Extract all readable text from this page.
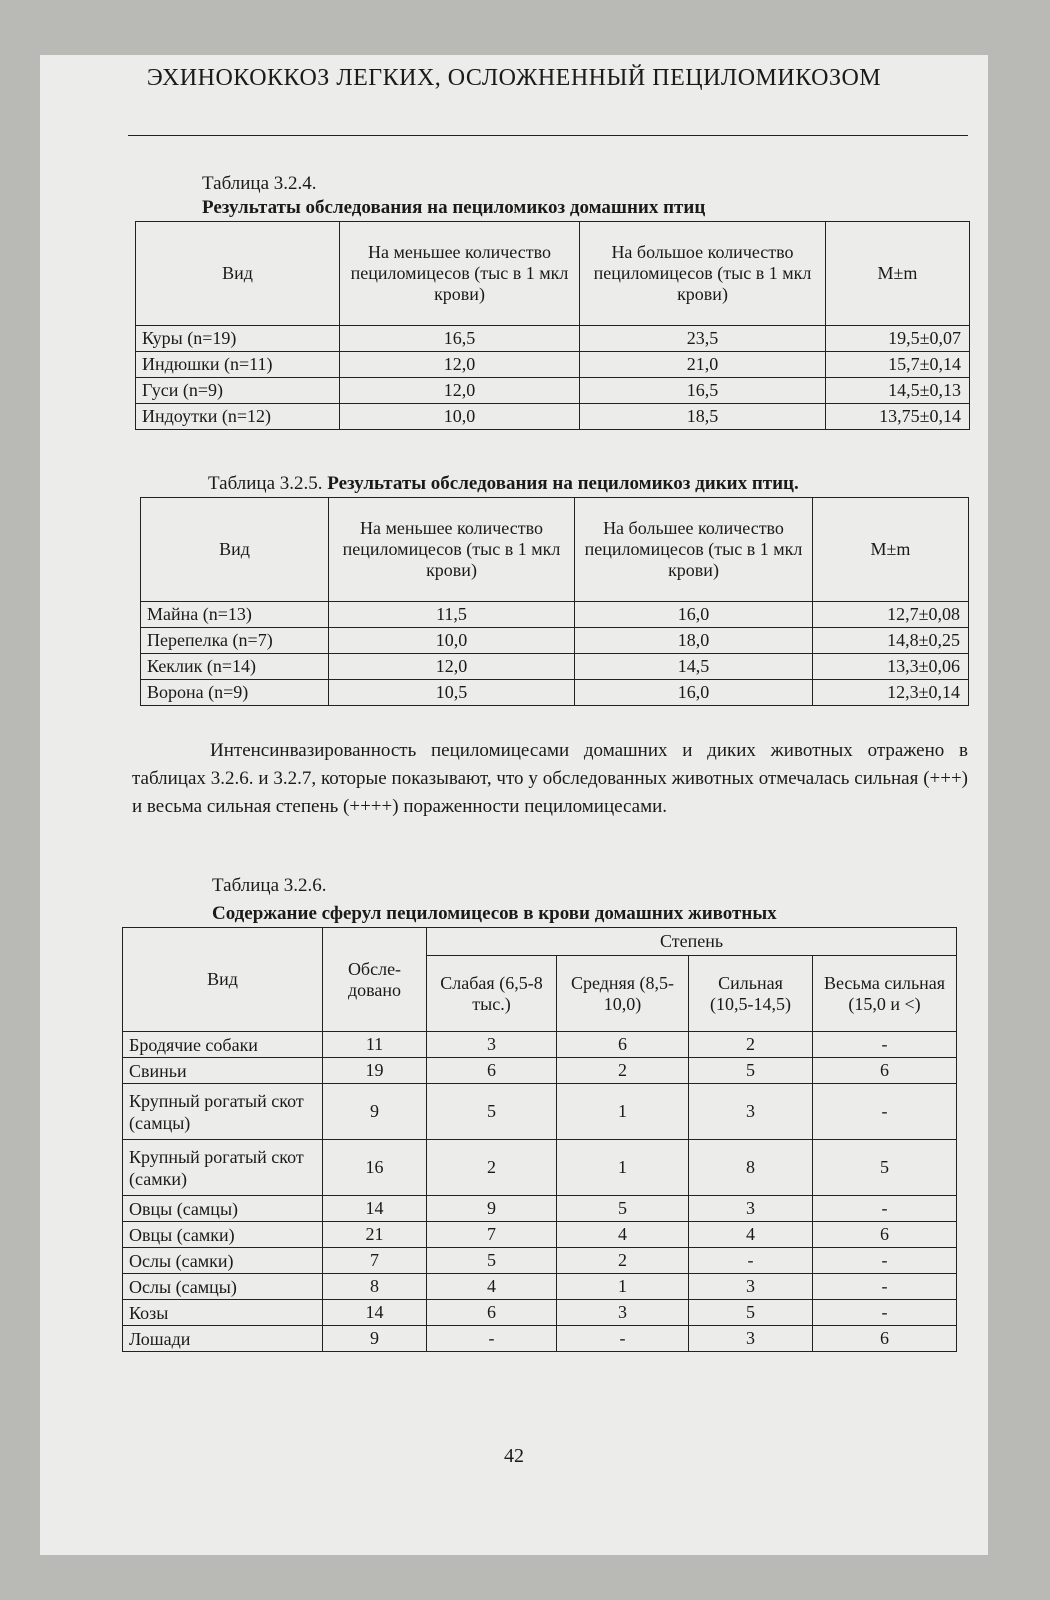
ЭХИНОКОККОЗ ЛЕГКИХ, ОСЛОЖНЕННЫЙ ПЕЦИЛОМИКОЗОМ
Таблица 3.2.4.
Результаты обследования на пециломикоз домашних птиц
Вид	На меньшее количество пециломицесов (тыс в 1 мкл крови)	На большое количество пециломицесов (тыс в 1 мкл крови)	M±m
Куры (n=19)	16,5	23,5	19,5±0,07
Индюшки (n=11)	12,0	21,0	15,7±0,14
Гуси (n=9)	12,0	16,5	14,5±0,13
Индоутки (n=12)	10,0	18,5	13,75±0,14
Таблица 3.2.5. Результаты обследования на пециломикоз диких птиц.
Вид	На меньшее количество пециломицесов (тыс в 1 мкл крови)	На большее количество пециломицесов (тыс в 1 мкл крови)	M±m
Майна (n=13)	11,5	16,0	12,7±0,08
Перепелка (n=7)	10,0	18,0	14,8±0,25
Кеклик (n=14)	12,0	14,5	13,3±0,06
Ворона (n=9)	10,5	16,0	12,3±0,14
Интенсинвазированность пециломицесами домашних и диких животных отражено в таблицах 3.2.6. и 3.2.7, которые показывают, что у обследованных животных отмечалась сильная (+++) и весьма сильная степень (++++) пораженности пециломицесами.
Таблица 3.2.6.
Содержание сферул пециломицесов в крови домашних животных
Вид	Обсле-довано	Степень			
		Слабая (6,5-8 тыс.)	Средняя (8,5-10,0)	Сильная (10,5-14,5)	Весьма сильная (15,0 и <)
Бродячие собаки	11	3	6	2	-
Свиньи	19	6	2	5	6
Крупный рогатый скот (самцы)	9	5	1	3	-
Крупный рогатый скот (самки)	16	2	1	8	5
Овцы (самцы)	14	9	5	3	-
Овцы (самки)	21	7	4	4	6
Ослы (самки)	7	5	2	-	-
Ослы (самцы)	8	4	1	3	-
Козы	14	6	3	5	-
Лошади	9	-	-	3	6
42
